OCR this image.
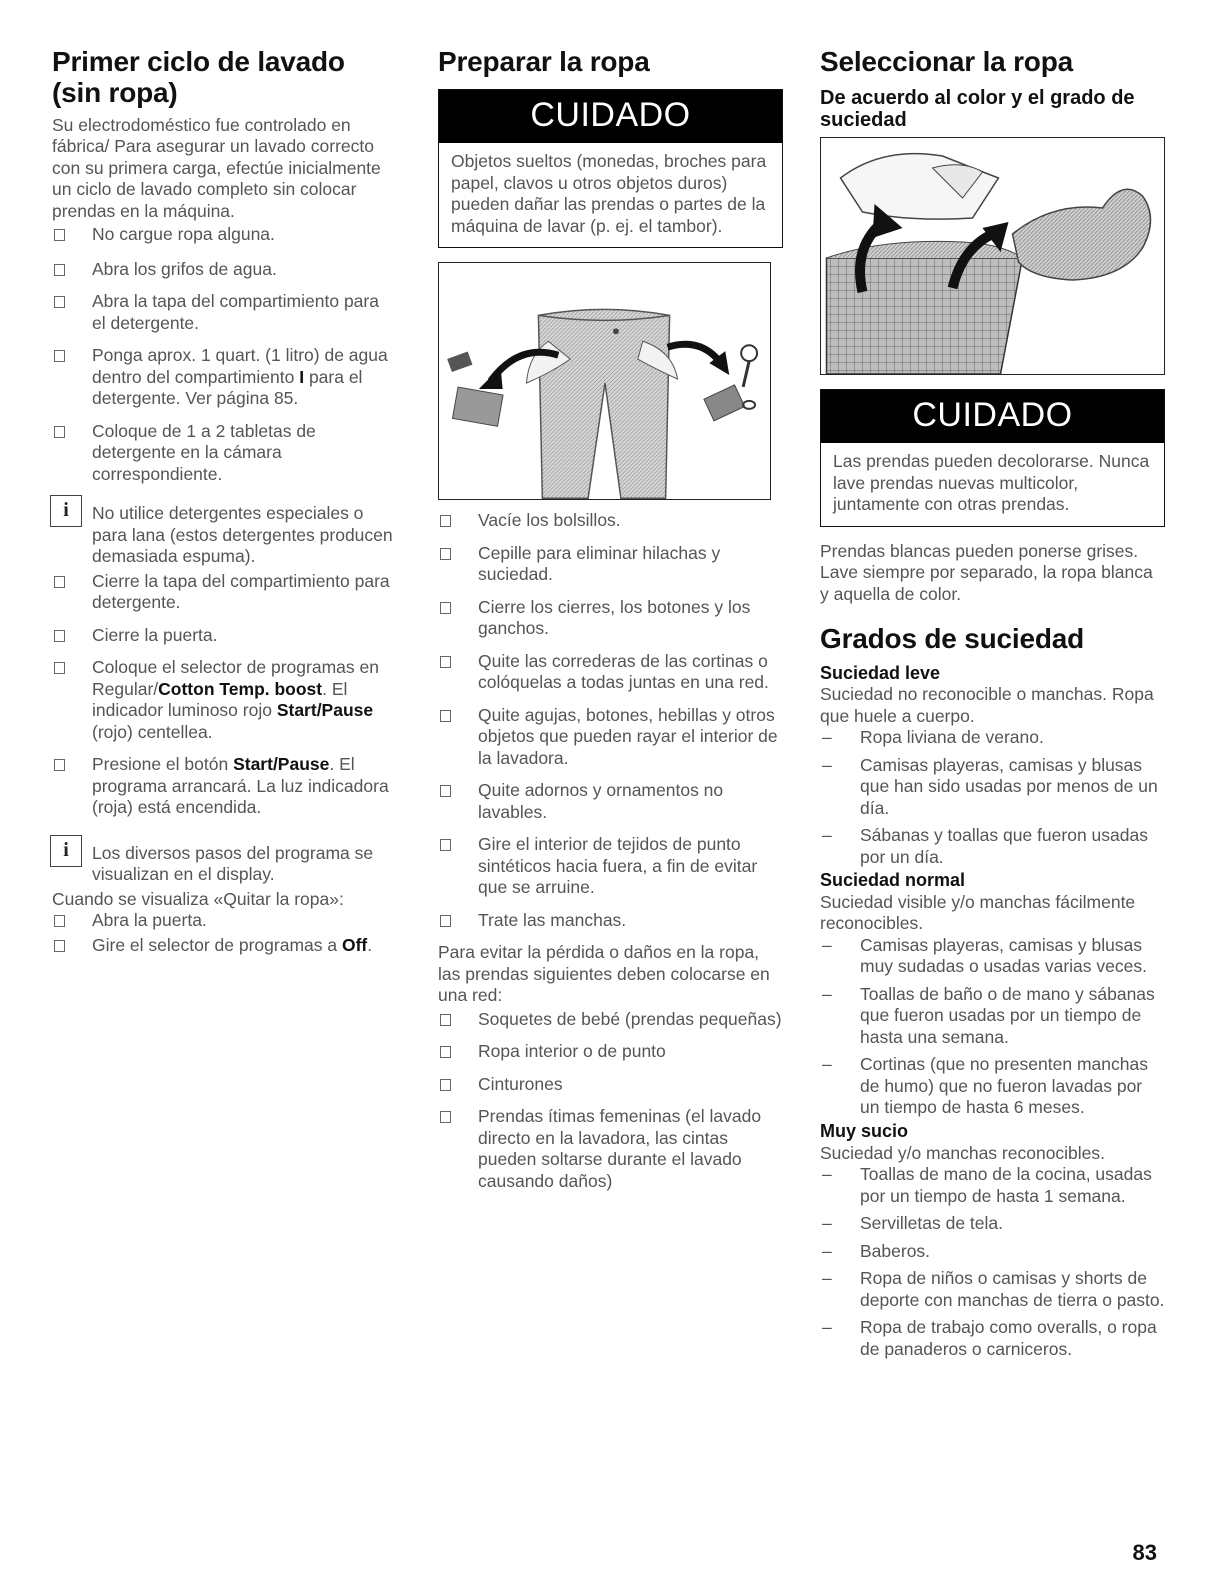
Primer ciclo de lavado (sin ropa)

Su electrodoméstico fue controlado en fábrica/ Para asegurar un lavado correcto con su primera carga, efectúe inicialmente un ciclo de lavado completo sin colocar prendas en la máquina.

No cargue ropa alguna.
Abra los grifos de agua.
Abra la tapa del compartimiento para el detergente.
Ponga aprox. 1 quart. (1 litro) de agua dentro del compartimiento I para el detergente. Ver página 85.
Coloque de 1 a 2 tabletas de detergente en la cámara correspondiente.
i	No utilice detergentes especiales o para lana (estos detergentes producen demasiada espuma).
Cierre la tapa del compartimiento para detergente.
Cierre la puerta.
Coloque el selector de programas en Regular/Cotton Temp. boost. El indicador luminoso rojo Start/Pause (rojo) centellea.
Presione el botón Start/Pause. El programa arrancará. La luz indicadora (roja) está encendida.
i	Los diversos pasos del programa se visualizan en el display.

Cuando se visualiza «Quitar la ropa»:

Abra la puerta.
Gire el selector de programas a Off.
Preparar la ropa
CUIDADO
Objetos sueltos (monedas, broches para papel, clavos u otros objetos duros) pueden dañar las prendas o partes de la máquina de lavar (p. ej. el tambor).
Vacíe los bolsillos.
Cepille para eliminar hilachas y suciedad.
Cierre los cierres, los botones y los ganchos.
Quite las correderas de las cortinas o colóquelas a todas juntas en una red.
Quite agujas, botones, hebillas y otros objetos que pueden rayar el interior de la lavadora.
Quite adornos y ornamentos no lavables.
Gire el interior de tejidos de punto sintéticos hacia fuera, a fin de evitar que se arruine.
Trate las manchas.

Para evitar la pérdida o daños en la ropa, las prendas siguientes deben colocarse en una red:

Soquetes de bebé (prendas pequeñas)
Ropa interior o de punto
Cinturones
Prendas ítimas femeninas (el lavado directo en la lavadora, las cintas pueden soltarse durante el lavado causando daños)
Seleccionar la ropa
De acuerdo al color y el grado de suciedad
CUIDADO
Las prendas pueden decolorarse. Nunca lave prendas nuevas multicolor, juntamente con otras prendas.

Prendas blancas pueden ponerse grises. Lave siempre por separado, la ropa blanca y aquella de color.

Grados de suciedad
Suciedad leve

Suciedad no reconocible o manchas. Ropa que huele a cuerpo.

– Ropa liviana de verano.
– Camisas playeras, camisas y blusas que han sido usadas por menos de un día.
– Sábanas y toallas que fueron usadas por un día.
Suciedad normal

Suciedad visible y/o manchas fácilmente reconocibles.

– Camisas playeras, camisas y blusas muy sudadas o usadas varias veces.
– Toallas de baño o de mano y sábanas que fueron usadas por un tiempo de hasta una semana.
– Cortinas (que no presenten manchas de humo) que no fueron lavadas por un tiempo de hasta 6 meses.
Muy sucio

Suciedad y/o manchas reconocibles.

– Toallas de mano de la cocina, usadas por un tiempo de hasta 1 semana.
– Servilletas de tela.
– Baberos.
– Ropa de niños o camisas y shorts de deporte con manchas de tierra o pasto.
– Ropa de trabajo como overalls, o ropa de panaderos o carniceros.
83
